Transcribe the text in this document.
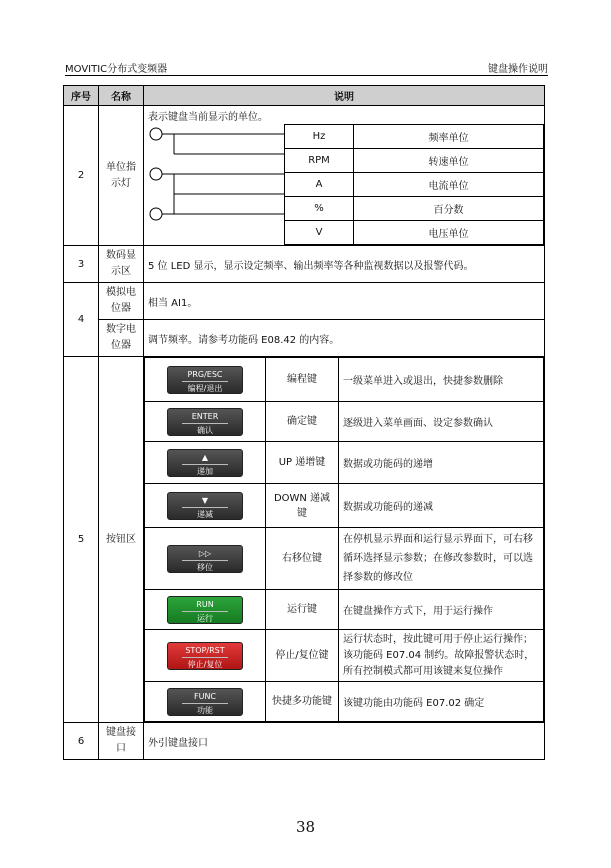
MOVITIC分布式变频器	键盘操作说明
序号	名称	说明
2	单位指示灯	
表示键盘当前显示的单位。
Hz	频率单位
RPM	转速单位
A	电流单位
%	百分数
V	电压单位

3	数码显示区	5 位 LED 显示，显示设定频率、输出频率等各种监视数据以及报警代码。
4	模拟电位器	相当 AI1。
数字电位器	调节频率。请参考功能码 E08.42 的内容。
5	按钮区	
PRG/ESC
编程/退出	编程键	一级菜单进入或退出，快捷参数删除
ENTER
确认	确定键	逐级进入菜单画面、设定参数确认
▲
递加	UP 递增键	数据或功能码的递增
▼
递减	DOWN 递减键	数据或功能码的递减
▷▷
移位	右移位键	在停机显示界面和运行显示界面下，可右移循环选择显示参数；在修改参数时，可以选择参数的修改位
RUN
运行	运行键	在键盘操作方式下，用于运行操作
STOP/RST
停止/复位	停止/复位键	运行状态时，按此键可用于停止运行操作；该功能码 E07.04 制约。故障报警状态时，所有控制模式都可用该键来复位操作
FUNC
功能	快捷多功能键	该键功能由功能码 E07.02 确定

6	键盘接口	外引键盘接口
38
